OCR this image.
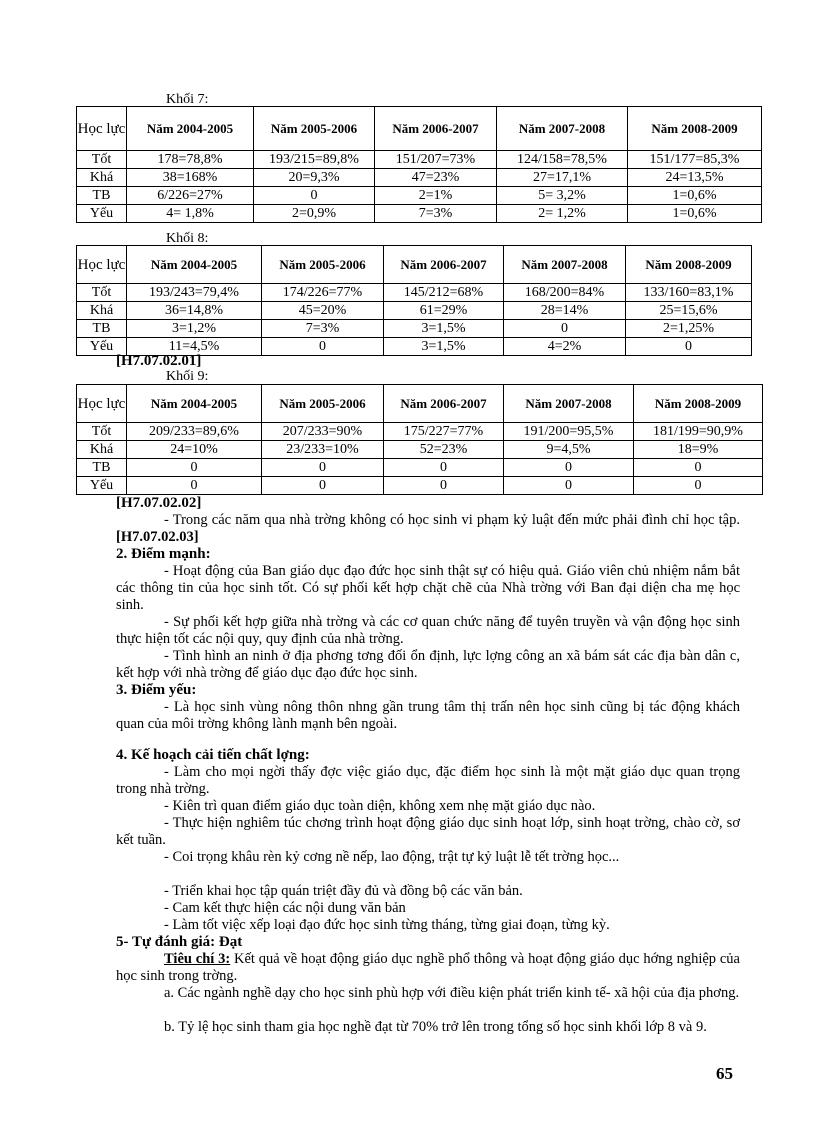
Khối 7:
Học lực	Năm 2004-2005	Năm 2005-2006	Năm 2006-2007	Năm 2007-2008	Năm 2008-2009
Tốt	178=78,8%	193/215=89,8%	151/207=73%	124/158=78,5%	151/177=85,3%
Khá	38=168%	20=9,3%	47=23%	27=17,1%	24=13,5%
TB	6/226=27%	0	2=1%	5= 3,2%	1=0,6%
Yếu	4= 1,8%	2=0,9%	7=3%	2= 1,2%	1=0,6%
Khối 8:
Học lực	Năm 2004-2005	Năm 2005-2006	Năm 2006-2007	Năm 2007-2008	Năm 2008-2009
Tốt	193/243=79,4%	174/226=77%	145/212=68%	168/200=84%	133/160=83,1%
Khá	36=14,8%	45=20%	61=29%	28=14%	25=15,6%
TB	3=1,2%	7=3%	3=1,5%	0	2=1,25%
Yếu	11=4,5%	0	3=1,5%	4=2%	0
[H7.07.02.01]
Khối 9:
Học lực	Năm 2004-2005	Năm 2005-2006	Năm 2006-2007	Năm 2007-2008	Năm 2008-2009
Tốt	209/233=89,6%	207/233=90%	175/227=77%	191/200=95,5%	181/199=90,9%
Khá	24=10%	23/233=10%	52=23%	9=4,5%	18=9%
TB	0	0	0	0	0
Yếu	0	0	0	0	0
[H7.07.02.02]
- Trong các năm qua nhà trờng không có học sinh vi phạm kỷ luật đến mức phải đình chỉ học tập. [H7.07.02.03]
2. Điểm mạnh:
- Hoạt động của Ban giáo dục đạo đức học sinh thật sự có hiệu quả. Giáo viên chủ nhiệm nắm bắt các thông tin của học sinh tốt. Có sự phối kết hợp chặt chẽ của Nhà trờng với Ban đại diện cha mẹ học sinh.
- Sự phối kết hợp giữa nhà trờng và các cơ quan chức năng để tuyên truyền và vận động học sinh thực hiện tốt các nội quy, quy định của nhà trờng.
- Tình hình an ninh ở địa phơng tơng đối ổn định, lực lợng công an xã bám sát các địa bàn dân c, kết hợp với nhà trờng để giáo dục đạo đức học sinh.
3. Điểm yếu:
- Là học sinh vùng nông thôn nhng gần trung tâm thị trấn nên học sinh cũng bị tác động khách quan của môi trờng không lành mạnh bên ngoài.
4. Kế hoạch cải tiến chất lợng:
- Làm cho mọi ngời thấy đợc việc giáo dục, đặc điểm học sinh là một mặt giáo dục quan trọng trong nhà trờng.
- Kiên trì quan điểm giáo dục toàn diện, không xem nhẹ mặt giáo dục nào.
- Thực hiện nghiêm túc chơng trình hoạt động giáo dục sinh hoạt lớp, sinh hoạt trờng, chào cờ, sơ kết tuần.
- Coi trọng khâu rèn kỷ cơng nề nếp, lao động, trật tự kỷ luật lễ tết trờng học...
- Triển khai học tập quán triệt đầy đủ và đồng bộ các văn bản.
- Cam kết thực hiện các nội dung văn bản
- Làm tốt việc xếp loại đạo đức học sinh từng tháng, từng giai đoạn, từng kỳ.
5- Tự đánh giá: Đạt
Tiêu chí 3: Kết quả về hoạt động giáo dục nghề phổ thông và hoạt động giáo dục hớng nghiệp của học sinh trong trờng.
a. Các ngành nghề dạy cho học sinh phù hợp với điều kiện phát triển kinh tế- xã hội của địa phơng.
b. Tỷ lệ học sinh tham gia học nghề đạt từ 70% trở lên trong tổng số học sinh khối lớp 8 và 9.
65
